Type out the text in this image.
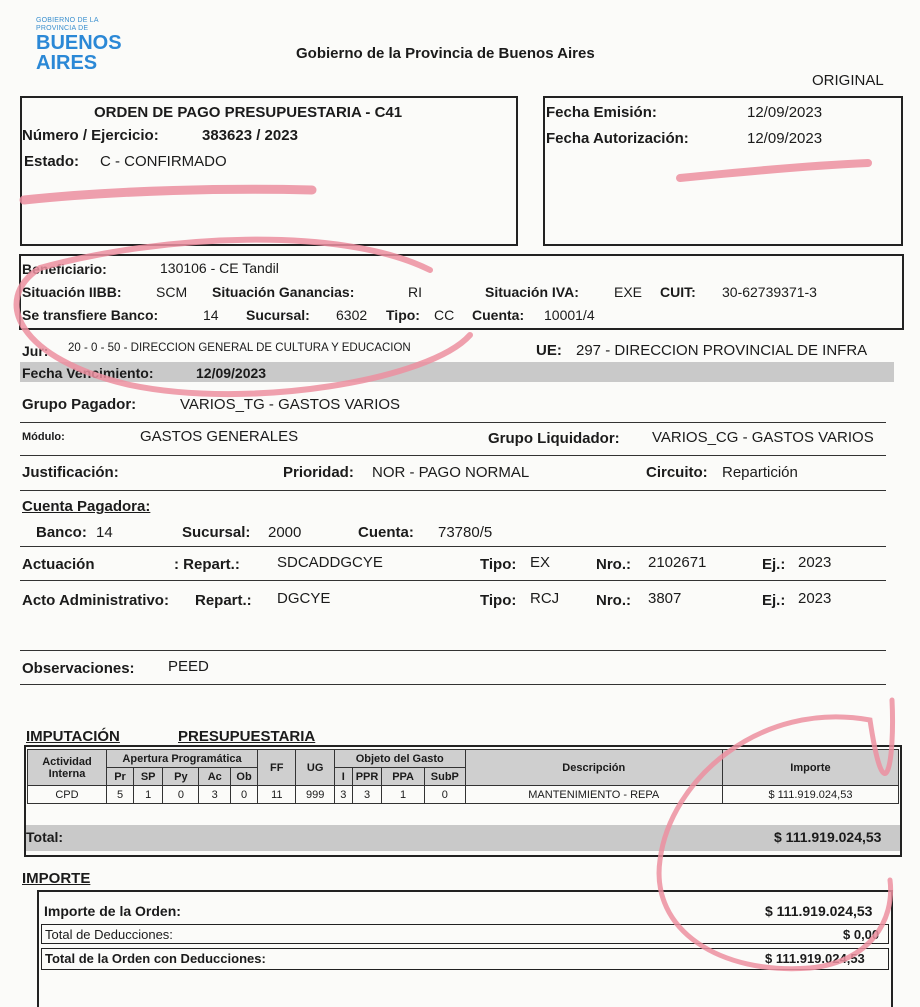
GOBIERNO DE LA
PROVINCIA DE
BUENOS
AIRES	Gobierno de la Provincia de Buenos Aires
ORIGINAL
ORDEN DE PAGO PRESUPUESTARIA - C41
Número / Ejercicio:	383623 / 2023
Estado: C - CONFIRMADO
Fecha Emisión:	12/09/2023
Fecha Autorización:	12/09/2023
Beneficiario:	130106 - CE Tandil
Situación IIBB: SCM Situación Ganancias:	RI	Situación IVA:	EXE CUIT: 30-62739371-3
Se transfiere Banco:	14 Sucursal: 6302 Tipo: CC Cuenta: 10001/4
Jur: 20 - 0 - 50 - DIRECCION GENERAL DE CULTURA Y EDUCACION	UE: 297 - DIRECCION PROVINCIAL DE INFRA
Fecha Vencimiento:	12/09/2023
Grupo Pagador:	VARIOS_TG - GASTOS VARIOS
Módulo:	GASTOS GENERALES	Grupo Liquidador: VARIOS_CG - GASTOS VARIOS
Justificación:	Prioridad: NOR - PAGO NORMAL	Circuito: Repartición
Cuenta Pagadora:
Banco: 14	Sucursal: 2000	Cuenta: 73780/5
Actuación	: Repart.: SDCADDGCYE	Tipo: EX	Nro.: 2102671	Ej.: 2023
Acto Administrativo: Repart.: DGCYE	Tipo: RCJ Nro.: 3807	Ej.: 2023
Observaciones: PEED
IMPUTACIÓN	PRESUPUESTARIA
Actividad
Interna	Apertura Programática					FF	UG	Objeto del Gasto				Descripción	Importe
	Pr	SP	Py	Ac	Ob			I	PPR	PPA	SubP		
CPD	5	1	0	3	0	11	999	3	3	1	0	MANTENIMIENTO - REPA	$ 111.919.024,53
Total:	$ 111.919.024,53
IMPORTE
Importe de la Orden:	$ 111.919.024,53
Total de Deducciones:	$ 0,00
Total de la Orden con Deducciones:	$ 111.919.024,53
